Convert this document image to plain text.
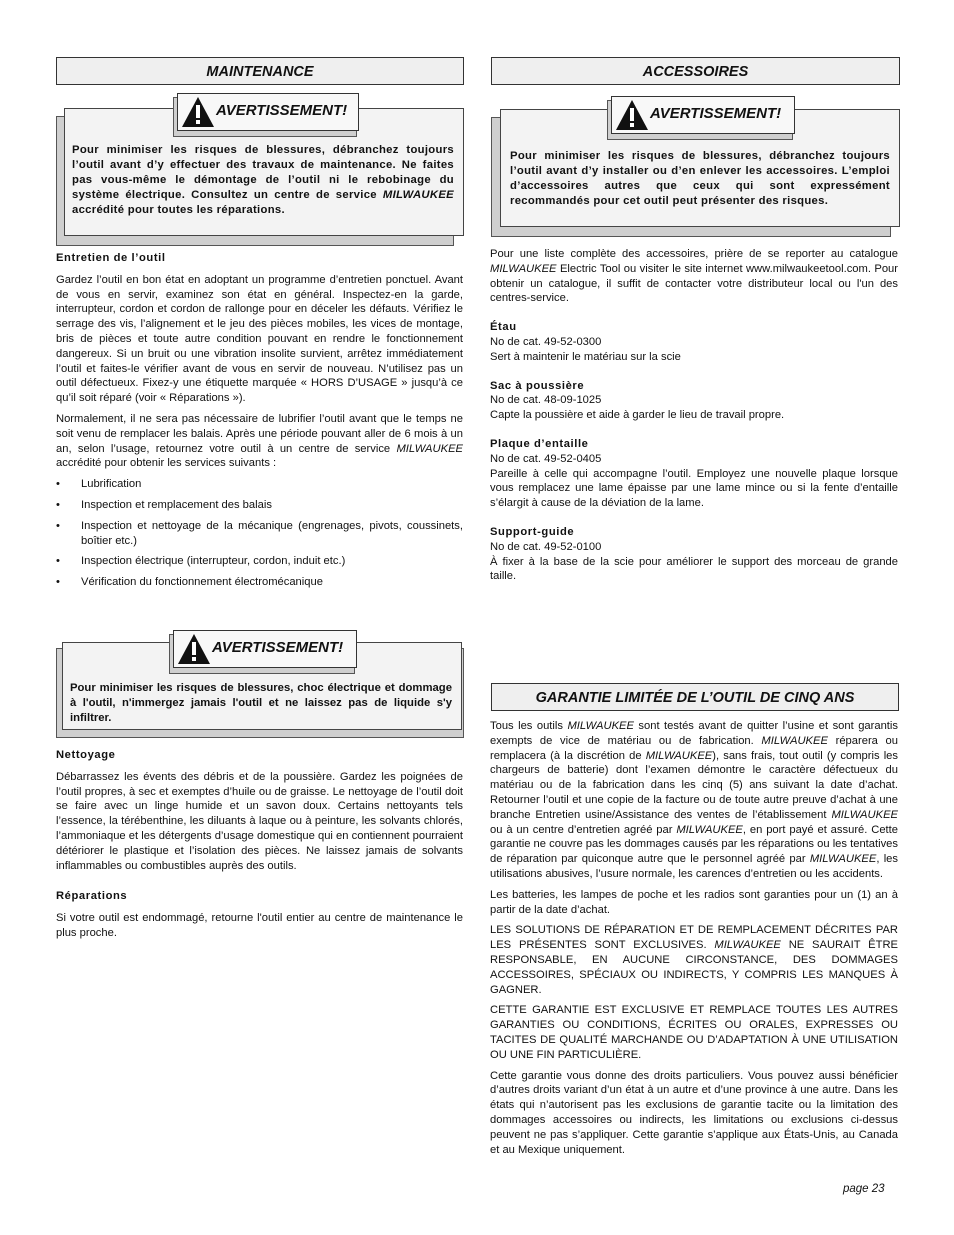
MAINTENANCE

Pour minimiser les risques de blessures, débranchez toujours l’outil avant d’y effectuer des travaux de maintenance. Ne faites pas vous-même le démontage de l’outil ni le rebobinage du système électrique. Consultez un centre de service MILWAUKEE accrédité pour toutes les réparations.

AVERTISSEMENT!

Entretien de l’outil

Gardez l’outil en bon état en adoptant un programme d’entretien ponctuel. Avant de vous en servir, examinez son état en général. Inspectez-en la garde, interrupteur, cordon et cordon de rallonge pour en déceler les défauts. Vérifiez le serrage des vis, l’alignement et le jeu des pièces mobiles, les vices de montage, bris de pièces et toute autre condition pouvant en rendre le fonctionnement dangereux. Si un bruit ou une vibration insolite survient, arrêtez immédiatement l’outil et faites-le vérifier avant de vous en servir de nouveau. N’utilisez pas un outil défectueux. Fixez-y une étiquette marquée « HORS D’USAGE » jusqu’à ce qu’il soit réparé (voir « Réparations »).

Normalement, il ne sera pas nécessaire de lubrifier l’outil avant que le temps ne soit venu de remplacer les balais. Après une période pouvant aller de 6 mois à un an, selon l’usage, retournez votre outil à un centre de service MILWAUKEE accrédité pour obtenir les services suivants :

• Lubrification
• Inspection et remplacement des balais
• Inspection et nettoyage de la mécanique (engrenages, pivots, coussinets, boîtier etc.)
• Inspection électrique (interrupteur, cordon, induit etc.)
• Vérification du fonctionnement électromécanique

Pour minimiser les risques de blessures, choc électrique et dommage à l'outil, n'immergez jamais l'outil et ne laissez pas de liquide s'y infiltrer.

AVERTISSEMENT!

Nettoyage

Débarrassez les évents des débris et de la poussière. Gardez les poignées de l’outil propres, à sec et exemptes d’huile ou de graisse. Le nettoyage de l’outil doit se faire avec un linge humide et un savon doux. Certains nettoyants tels l’essence, la térébenthine, les diluants à laque ou à peinture, les solvants chlorés, l’ammoniaque et les détergents d’usage domestique qui en contiennent pourraient détériorer le plastique et l’isolation des pièces. Ne laissez jamais de solvants inflammables ou combustibles auprès des outils.

Réparations

Si votre outil est endommagé, retourne l'outil entier au centre de maintenance le plus proche.

ACCESSOIRES

Pour minimiser les risques de blessures, débranchez toujours l’outil avant d’y installer ou d’en enlever les accessoires. L’emploi d’accessoires autres que ceux qui sont expressément recommandés pour cet outil peut présenter des risques.

AVERTISSEMENT!

Pour une liste complète des accessoires, prière de se reporter au catalogue MILWAUKEE Electric Tool ou visiter le site internet www.milwaukeetool.com. Pour obtenir un catalogue, il suffit de contacter votre distributeur local ou l'un des centres-service.

Étau

No de cat. 49-52-0300

Sert à maintenir le matériau sur la scie

Sac à poussière

No de cat. 48-09-1025

Capte la poussière et aide à garder le lieu de travail propre.

Plaque d’entaille

No de cat. 49-52-0405

Pareille à celle qui accompagne l’outil. Employez une nouvelle plaque lorsque vous remplacez une lame épaisse par une lame mince ou si la fente d’entaille s’élargit à cause de la déviation de la lame.

Support-guide

No de cat. 49-52-0100

À fixer à la base de la scie pour améliorer le support des morceau de grande taille.

GARANTIE LIMITÉE DE L’OUTIL DE CINQ ANS

Tous les outils MILWAUKEE sont testés avant de quitter l’usine et sont garantis exempts de vice de matériau ou de fabrication. MILWAUKEE réparera ou remplacera (à la discrétion de MILWAUKEE), sans frais, tout outil (y compris les chargeurs de batterie) dont l’examen démontre le caractère défectueux du matériau ou de la fabrication dans les cinq (5) ans suivant la date d’achat. Retourner l’outil et une copie de la facture ou de toute autre preuve d’achat à une branche Entretien usine/Assistance des ventes de l’établissement MILWAUKEE ou à un centre d’entretien agréé par MILWAUKEE, en port payé et assuré. Cette garantie ne couvre pas les dommages causés par les réparations ou les tentatives de réparation par quiconque autre que le personnel agréé par MILWAUKEE, les utilisations abusives, l’usure normale, les carences d’entretien ou les accidents.

Les batteries, les lampes de poche et les radios sont garanties pour un (1) an à partir de la date d’achat.

LES SOLUTIONS DE RÉPARATION ET DE REMPLACEMENT DÉCRITES PAR LES PRÉSENTES SONT EXCLUSIVES. MILWAUKEE NE SAURAIT ÊTRE RESPONSABLE, EN AUCUNE CIRCONSTANCE, DES DOMMAGES ACCESSOIRES, SPÉCIAUX OU INDIRECTS, Y COMPRIS LES MANQUES À GAGNER.

CETTE GARANTIE EST EXCLUSIVE ET REMPLACE TOUTES LES AUTRES GARANTIES OU CONDITIONS, ÉCRITES OU ORALES, EXPRESSES OU TACITES DE QUALITÉ MARCHANDE OU D’ADAPTATION À UNE UTILISATION OU UNE FIN PARTICULIÈRE.

Cette garantie vous donne des droits particuliers. Vous pouvez aussi bénéficier d’autres droits variant d’un état à un autre et d’une province à une autre. Dans les états qui n’autorisent pas les exclusions de garantie tacite ou la limitation des dommages accessoires ou indirects, les limitations ou exclusions ci-dessus peuvent ne pas s’appliquer. Cette garantie s’applique aux États-Unis, au Canada et au Mexique uniquement.

page 23
